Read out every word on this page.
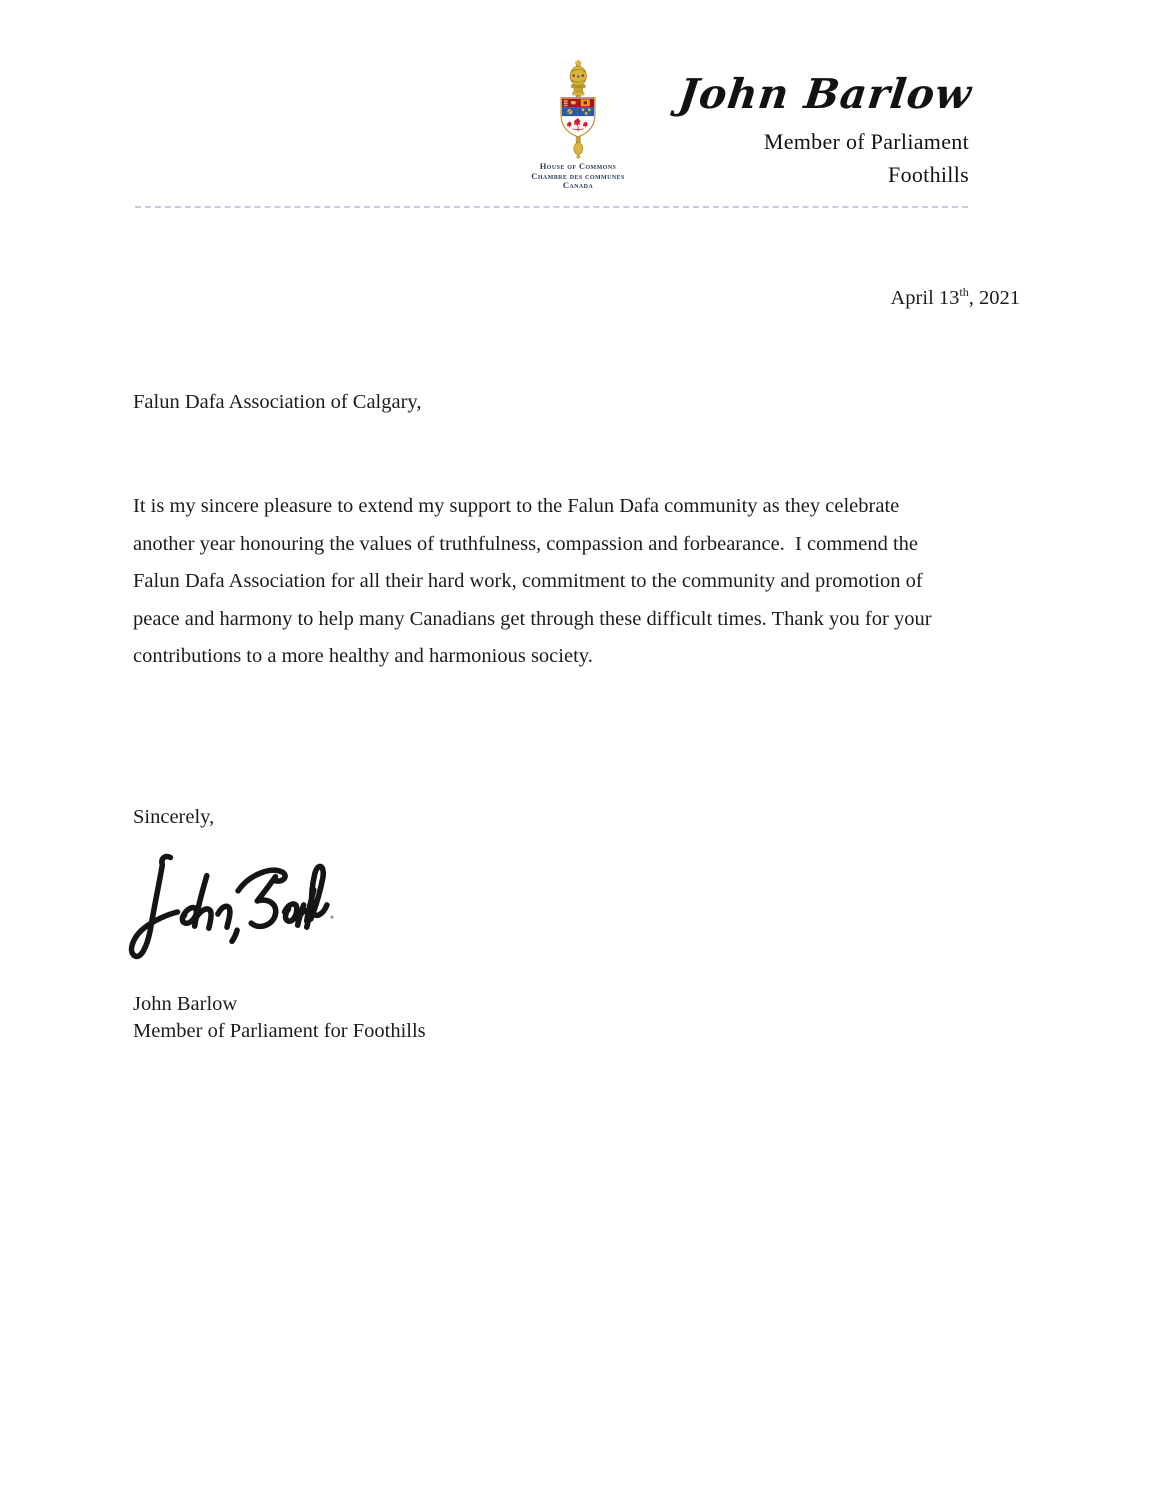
House of Commons
Chambre des communes
Canada
John Barlow
Member of Parliament
Foothills
April 13th, 2021
Falun Dafa Association of Calgary,
It is my sincere pleasure to extend my support to the Falun Dafa community as they celebrate
another year honouring the values of truthfulness, compassion and forbearance.  I commend the
Falun Dafa Association for all their hard work, commitment to the community and promotion of
peace and harmony to help many Canadians get through these difficult times. Thank you for your
contributions to a more healthy and harmonious society.
Sincerely,
John Barlow
Member of Parliament for Foothills
